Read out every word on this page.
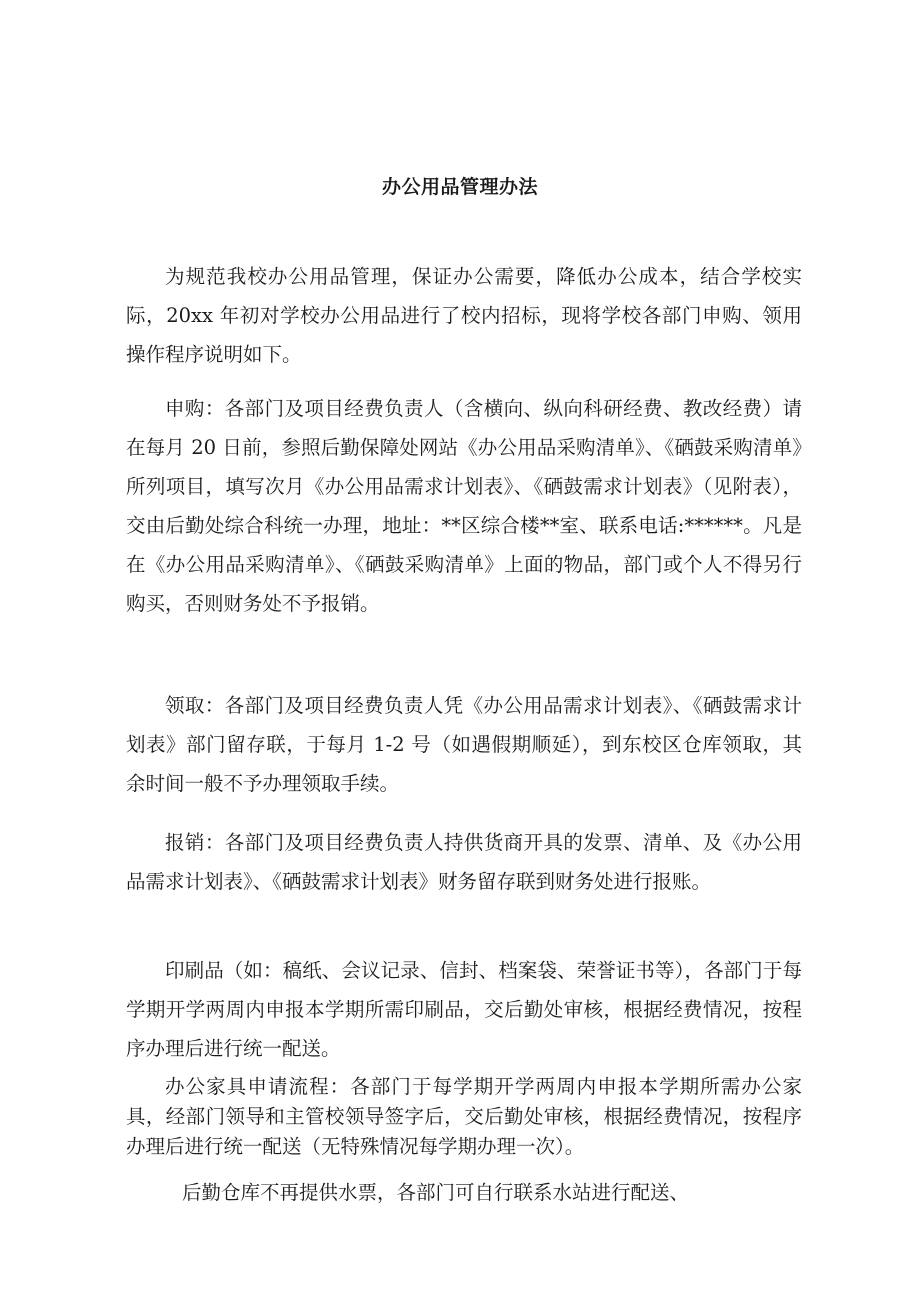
办公用品管理办法

为规范我校办公用品管理，保证办公需要，降低办公成本，结合学校实际，20xx 年初对学校办公用品进行了校内招标，现将学校各部门申购、领用操作程序说明如下。

申购：各部门及项目经费负责人（含横向、纵向科研经费、教改经费）请在每月 20 日前，参照后勤保障处网站《办公用品采购清单》、《硒鼓采购清单》所列项目，填写次月《办公用品需求计划表》、《硒鼓需求计划表》（见附表），交由后勤处综合科统一办理，地址：**区综合楼**室、联系电话:******。凡是在《办公用品采购清单》、《硒鼓采购清单》上面的物品，部门或个人不得另行购买，否则财务处不予报销。

领取：各部门及项目经费负责人凭《办公用品需求计划表》、《硒鼓需求计划表》部门留存联，于每月 1-2 号（如遇假期顺延），到东校区仓库领取，其余时间一般不予办理领取手续。

报销：各部门及项目经费负责人持供货商开具的发票、清单、及《办公用品需求计划表》、《硒鼓需求计划表》财务留存联到财务处进行报账。

印刷品（如：稿纸、会议记录、信封、档案袋、荣誉证书等），各部门于每学期开学两周内申报本学期所需印刷品，交后勤处审核，根据经费情况，按程序办理后进行统一配送。

办公家具申请流程：各部门于每学期开学两周内申报本学期所需办公家具，经部门领导和主管校领导签字后，交后勤处审核，根据经费情况，按程序办理后进行统一配送（无特殊情况每学期办理一次）。

后勤仓库不再提供水票，各部门可自行联系水站进行配送、
